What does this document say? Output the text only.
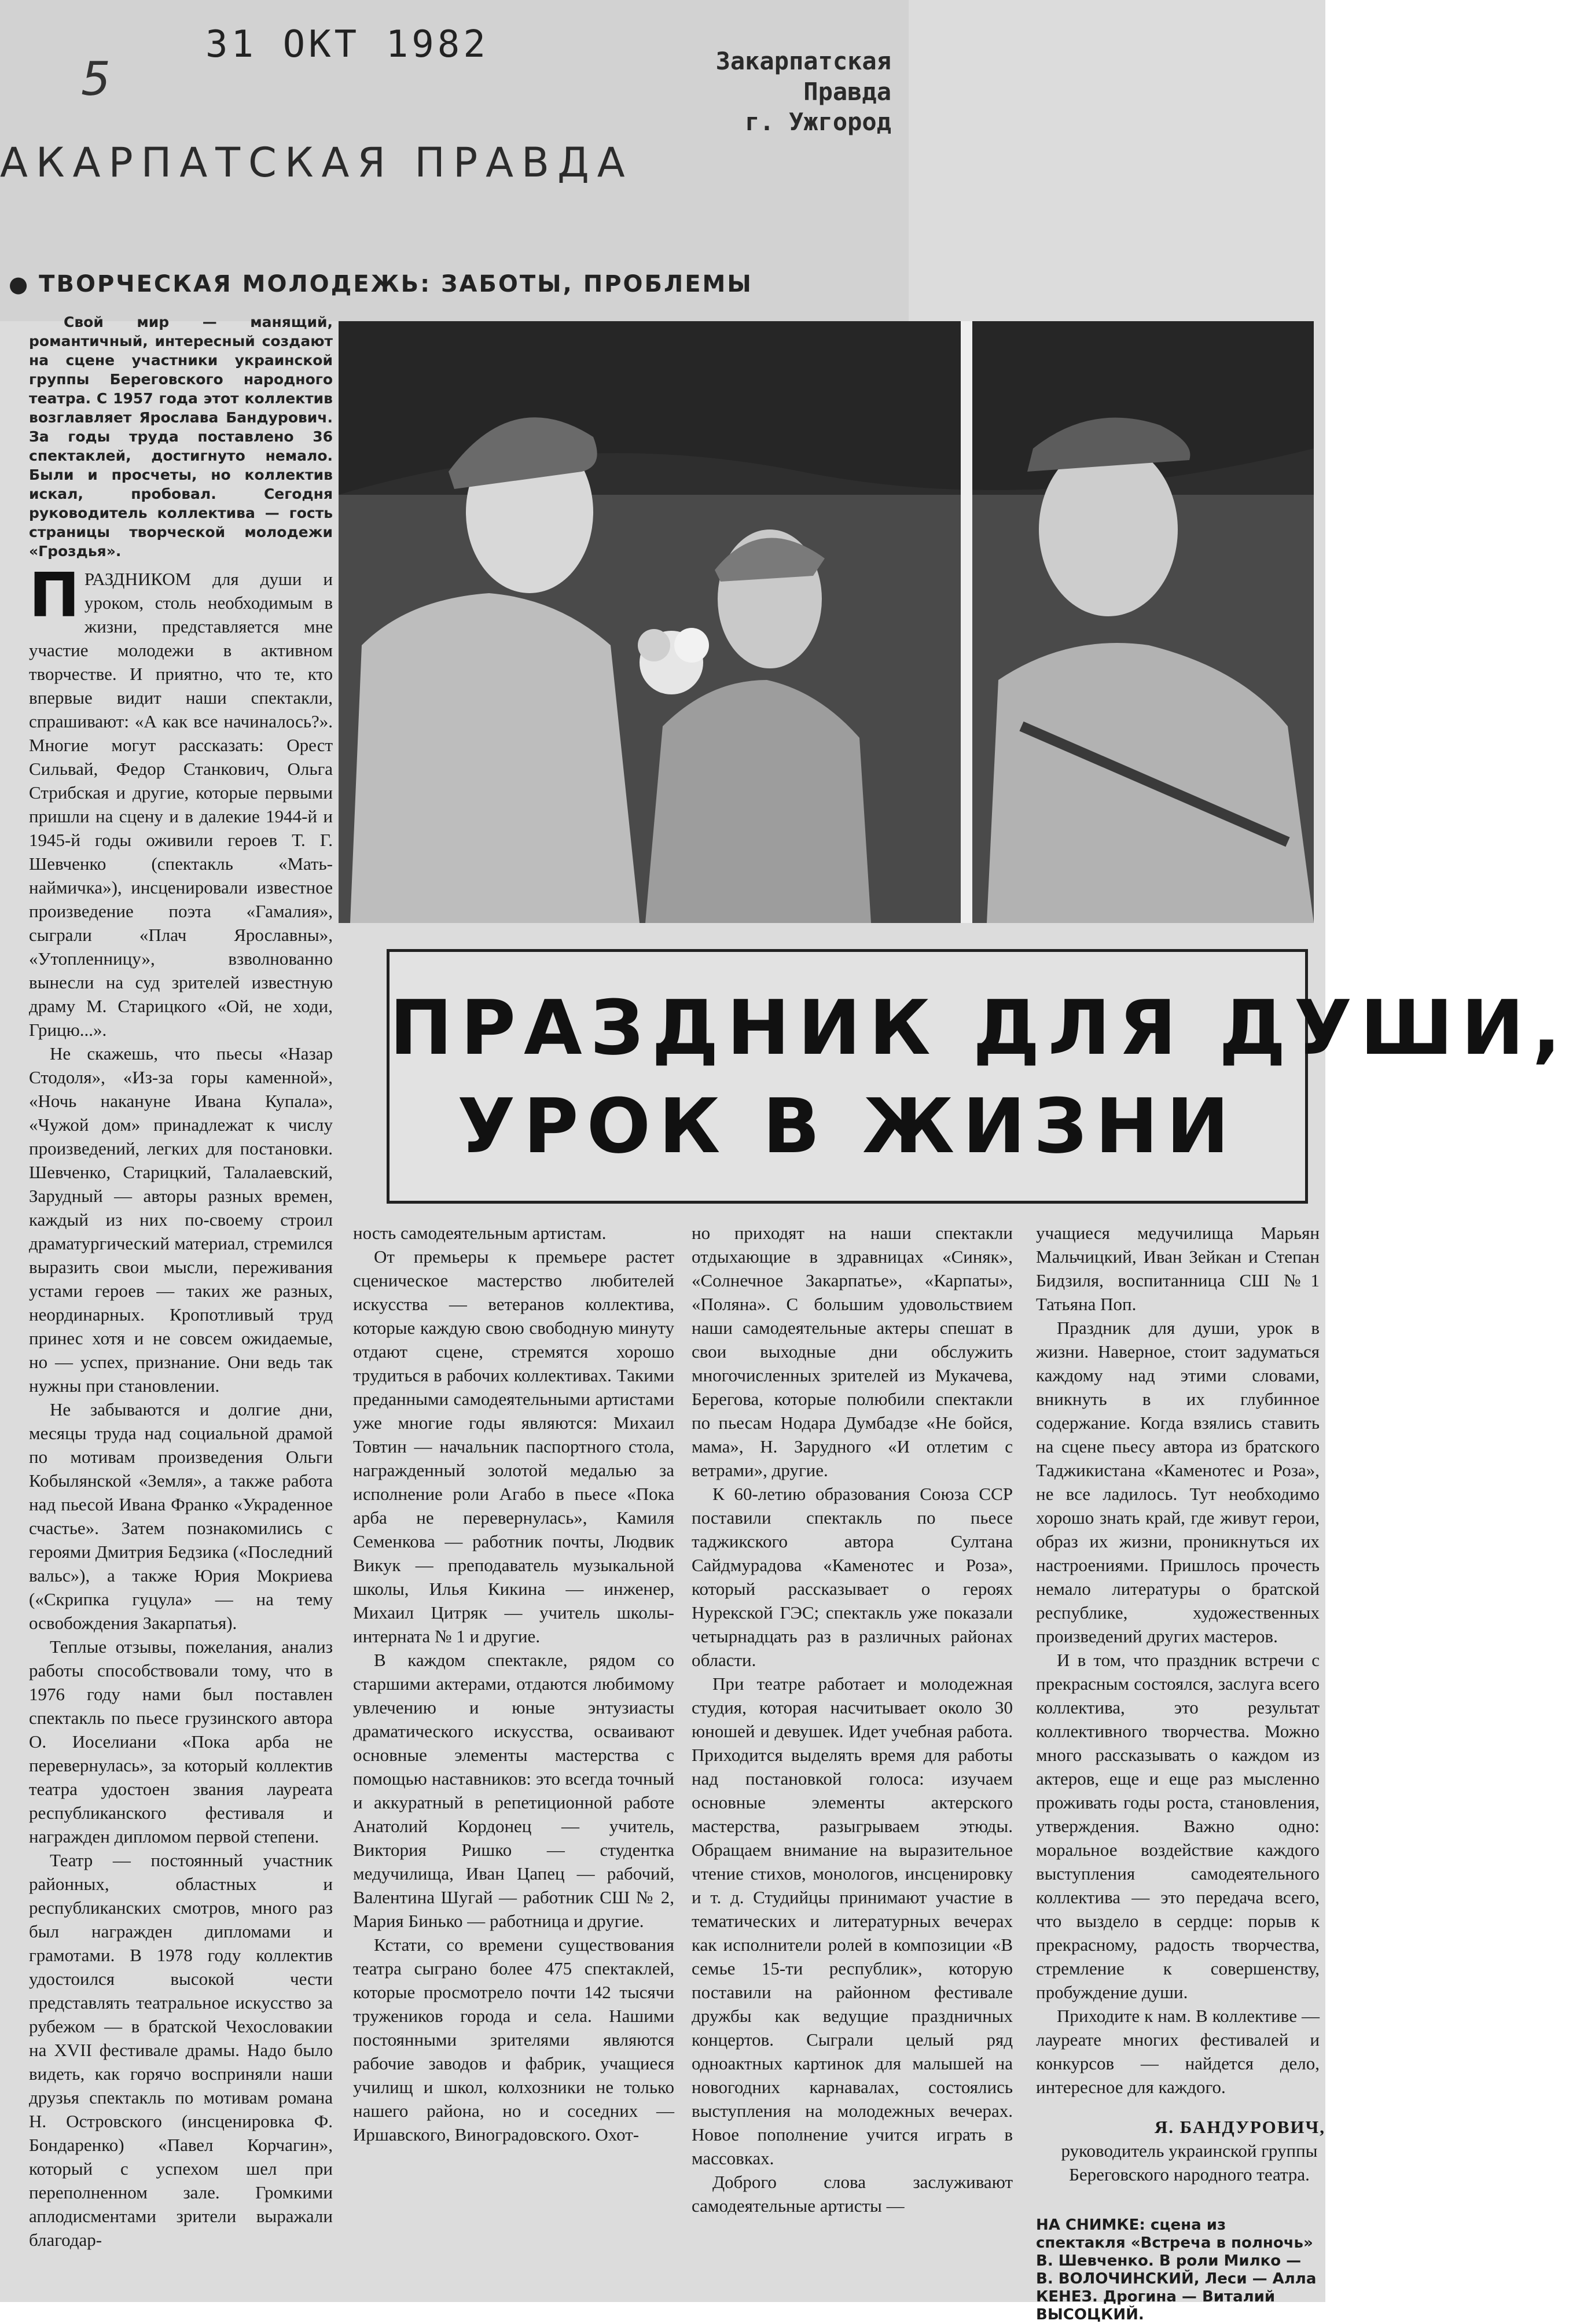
5
31 ОКТ 1982	Закарпатская Правда
г. Ужгород
АКАРПАТСКАЯ ПРАВДА
● ТВОРЧЕСКАЯ МОЛОДЕЖЬ: ЗАБОТЫ, ПРОБЛЕМЫ
Свой мир — манящий, романтичный, интересный создают на сцене участники украинской группы Береговского народного театра. С 1957 года этот коллектив возглавляет Ярослава Бандурович. За годы труда поставлено 36 спектаклей, достигнуто немало. Были и просчеты, но коллектив искал, пробовал. Сегодня руководитель коллектива — гость страницы творческой молодежи «Гроздья».
ПРАЗДНИК ДЛЯ ДУШИ,
УРОК В ЖИЗНИ

ПРАЗДНИКОМ для души и уроком, столь необходимым в жизни, представляется мне участие молодежи в активном творчестве. И приятно, что те, кто впервые видит наши спектакли, спрашивают: «А как все начиналось?». Многие могут рассказать: Орест Сильвай, Федор Станкович, Ольга Стрибская и другие, которые первыми пришли на сцену и в далекие 1944-й и 1945-й годы оживили героев Т. Г. Шевченко (спектакль «Мать-наймичка»), инсценировали известное произведение поэта «Гамалия», сыграли «Плач Ярославны», «Утопленницу», взволнованно вынесли на суд зрителей известную драму М. Старицкого «Ой, не ходи, Грицю...».

Не скажешь, что пьесы «Назар Стодоля», «Из-за горы каменной», «Ночь накануне Ивана Купала», «Чужой дом» принадлежат к числу произведений, легких для постановки. Шевченко, Старицкий, Талалаевский, Зарудный — авторы разных времен, каждый из них по-своему строил драматургический материал, стремился выразить свои мысли, переживания устами героев — таких же разных, неординарных. Кропотливый труд принес хотя и не совсем ожидаемые, но — успех, признание. Они ведь так нужны при становлении.

Не забываются и долгие дни, месяцы труда над социальной драмой по мотивам произведения Ольги Кобылянской «Земля», а также работа над пьесой Ивана Франко «Украденное счастье». Затем познакомились с героями Дмитрия Бедзика («Последний вальс»), а также Юрия Мокриева («Скрипка гуцула» — на тему освобождения Закарпатья).

Теплые отзывы, пожелания, анализ работы способствовали тому, что в 1976 году нами был поставлен спектакль по пьесе грузинского автора О. Иоселиани «Пока арба не перевернулась», за который коллектив театра удостоен звания лауреата республиканского фестиваля и награжден дипломом первой степени.

Театр — постоянный участник районных, областных и республиканских смотров, много раз был награжден дипломами и грамотами. В 1978 году коллектив удостоился высокой чести представлять театральное искусство за рубежом — в братской Чехословакии на XVII фестивале драмы. Надо было видеть, как горячо восприняли наши друзья спектакль по мотивам романа Н. Островского (инсценировка Ф. Бондаренко) «Павел Корчагин», который с успехом шел при переполненном зале. Громкими аплодисментами зрители выражали благодар-

ность самодеятельным артистам.

От премьеры к премьере растет сценическое мастерство любителей искусства — ветеранов коллектива, которые каждую свою свободную минуту отдают сцене, стремятся хорошо трудиться в рабочих коллективах. Такими преданными самодеятельными артистами уже многие годы являются: Михаил Товтин — начальник паспортного стола, награжденный золотой медалью за исполнение роли Агабо в пьесе «Пока арба не перевернулась», Камиля Семенкова — работник почты, Людвик Викук — преподаватель музыкальной школы, Илья Кикина — инженер, Михаил Цитряк — учитель школы-интерната № 1 и другие.

В каждом спектакле, рядом со старшими актерами, отдаются любимому увлечению и юные энтузиасты драматического искусства, осваивают основные элементы мастерства с помощью наставников: это всегда точный и аккуратный в репетиционной работе Анатолий Кордонец — учитель, Виктория Ришко — студентка медучилища, Иван Цапец — рабочий, Валентина Шугай — работник СШ № 2, Мария Бинько — работница и другие.

Кстати, со времени существования театра сыграно более 475 спектаклей, которые просмотрело почти 142 тысячи тружеников города и села. Нашими постоянными зрителями являются рабочие заводов и фабрик, учащиеся училищ и школ, колхозники не только нашего района, но и соседних — Иршавского, Виноградовского. Охот-

но приходят на наши спектакли отдыхающие в здравницах «Синяк», «Солнечное Закарпатье», «Карпаты», «Поляна». С большим удовольствием наши самодеятельные актеры спешат в свои выходные дни обслужить многочисленных зрителей из Мукачева, Берегова, которые полюбили спектакли по пьесам Нодара Думбадзе «Не бойся, мама», Н. Зарудного «И отлетим с ветрами», другие.

К 60-летию образования Союза ССР поставили спектакль по пьесе таджикского автора Султана Сайдмурадова «Каменотес и Роза», который рассказывает о героях Нурекской ГЭС; спектакль уже показали четырнадцать раз в различных районах области.

При театре работает и молодежная студия, которая насчитывает около 30 юношей и девушек. Идет учебная работа. Приходится выделять время для работы над постановкой голоса: изучаем основные элементы актерского мастерства, разыгрываем этюды. Обращаем внимание на выразительное чтение стихов, монологов, инсценировку и т. д. Студийцы принимают участие в тематических и литературных вечерах как исполнители ролей в композиции «В семье 15-ти республик», которую поставили на районном фестивале дружбы как ведущие праздничных концертов. Сыграли целый ряд одноактных картинок для малышей на новогодних карнавалах, состоялись выступления на молодежных вечерах. Новое пополнение учится играть в массовках.

Доброго слова заслуживают самодеятельные артисты —

учащиеся медучилища Марьян Мальчицкий, Иван Зейкан и Степан Бидзиля, воспитанница СШ №1 Татьяна Поп.

Праздник для души, урок в жизни. Наверное, стоит задуматься каждому над этими словами, вникнуть в их глубинное содержание. Когда взялись ставить на сцене пьесу автора из братского Таджикистана «Каменотес и Роза», не все ладилось. Тут необходимо хорошо знать край, где живут герои, образ их жизни, проникнуться их настроениями. Пришлось прочесть немало литературы о братской республике, художественных произведений других мастеров.

И в том, что праздник встречи с прекрасным состоялся, заслуга всего коллектива, это результат коллективного творчества. Можно много рассказывать о каждом из актеров, еще и еще раз мысленно проживать годы роста, становления, утверждения. Важно одно: моральное воздействие каждого выступления самодеятельного коллектива — это передача всего, что выздело в сердце: порыв к прекрасному, радость творчества, стремление к совершенству, пробуждение души.

Приходите к нам. В коллективе — лауреате многих фестивалей и конкурсов — найдется дело, интересное для каждого.

Я. БАНДУРОВИЧ,
руководитель украинской группы Береговского народного театра.
НА СНИМКЕ: сцена из спектакля «Встреча в полночь» В. Шевченко. В роли Милко — В. ВОЛОЧИНСКИЙ, Леси — Алла КЕНЕЗ. Дрогина — Виталий ВЫСОЦКИЙ.
